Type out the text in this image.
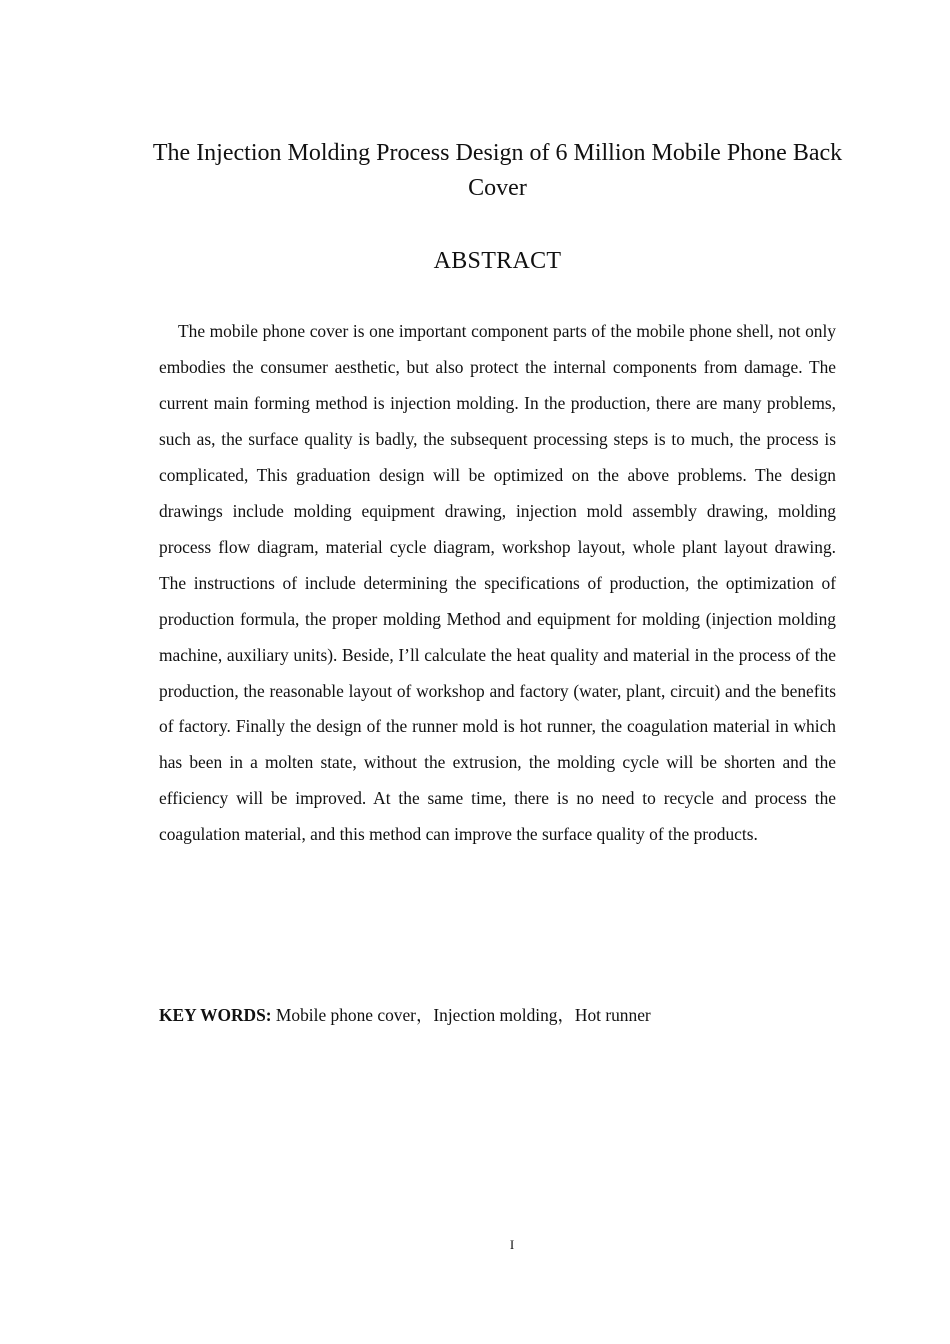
The Injection Molding Process Design of 6 Million Mobile Phone Back Cover
ABSTRACT

The mobile phone cover is one important component parts of the mobile phone shell, not only embodies the consumer aesthetic, but also protect the internal components from damage. The current main forming method is injection molding. In the production, there are many problems, such as, the surface quality is badly, the subsequent processing steps is to much, the process is complicated, This graduation design will be optimized on the above problems. The design drawings include molding equipment drawing, injection mold assembly drawing, molding process flow diagram, material cycle diagram, workshop layout, whole plant layout drawing. The instructions of include determining the specifications of production, the optimization of production formula, the proper molding Method and equipment for molding (injection molding machine, auxiliary units). Beside, I’ll calculate the heat quality and material in the process of the production, the reasonable layout of workshop and factory (water, plant, circuit) and the benefits of factory. Finally the design of the runner mold is hot runner, the coagulation material in which has been in a molten state, without the extrusion, the molding cycle will be shorten and the efficiency will be improved. At the same time, there is no need to recycle and process the coagulation material, and this method can improve the surface quality of the products.

KEY WORDS: Mobile phone cover，Injection molding，Hot runner

I
